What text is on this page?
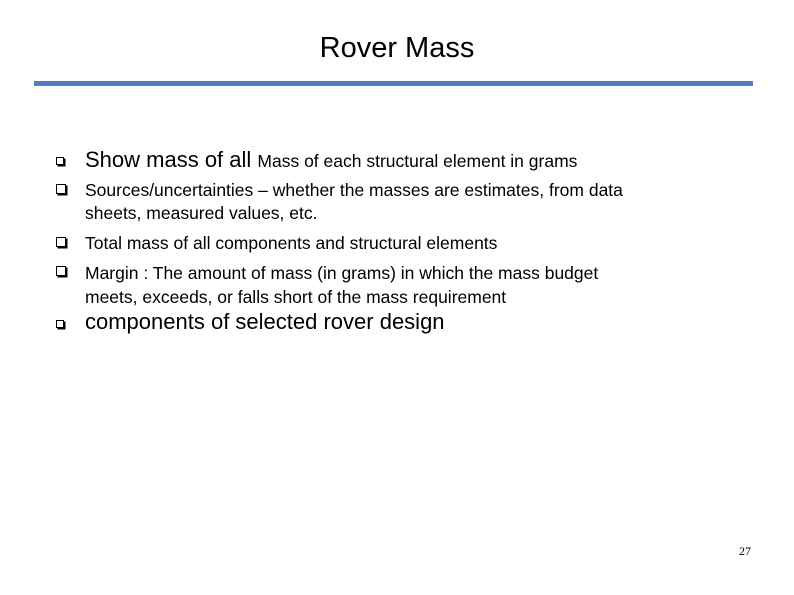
Rover Mass
Show mass of all Mass of each structural element in grams
Sources/uncertainties – whether the masses are estimates, from data
sheets, measured values, etc.
Total mass of all components and structural elements
Margin : The amount of mass (in grams) in which the mass budget
meets, exceeds, or falls short of the mass requirement
components of selected rover design
27
